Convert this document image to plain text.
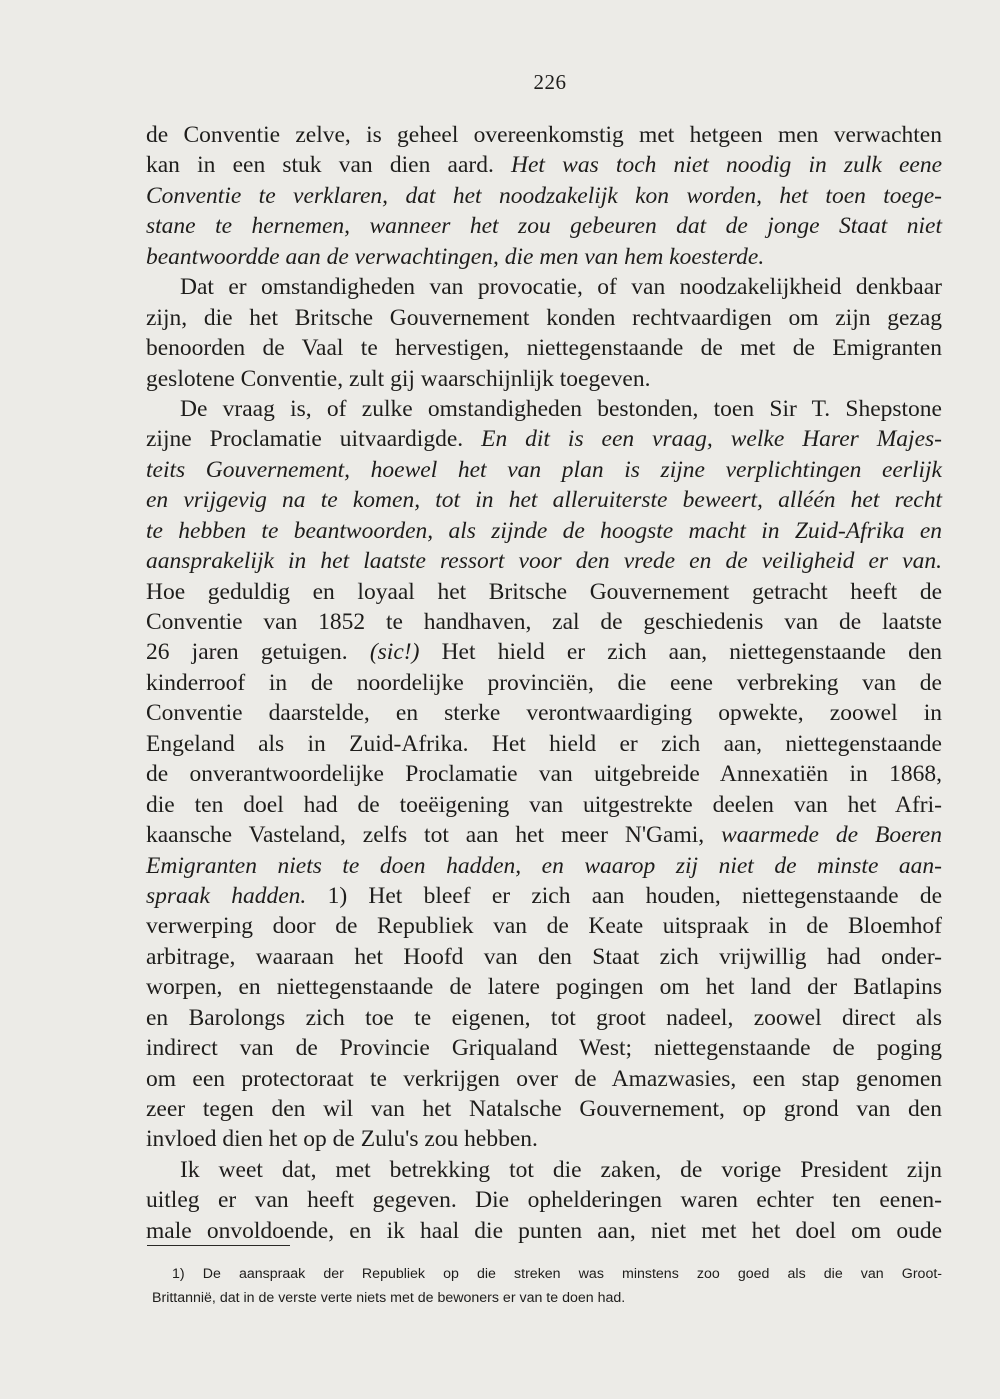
226
de Conventie zelve, is geheel overeenkomstig met hetgeen men verwachten
kan in een stuk van dien aard. Het was toch niet noodig in zulk eene
Conventie te verklaren, dat het noodzakelijk kon worden, het toen toege-
stane te hernemen, wanneer het zou gebeuren dat de jonge Staat niet
beantwoordde aan de verwachtingen, die men van hem koesterde.
Dat er omstandigheden van provocatie, of van noodzakelijkheid denkbaar
zijn, die het Britsche Gouvernement konden rechtvaardigen om zijn gezag
benoorden de Vaal te hervestigen, niettegenstaande de met de Emigranten
geslotene Conventie, zult gij waarschijnlijk toegeven.
De vraag is, of zulke omstandigheden bestonden, toen Sir T. Shepstone
zijne Proclamatie uitvaardigde. En dit is een vraag, welke Harer Majes-
teits Gouvernement, hoewel het van plan is zijne verplichtingen eerlijk
en vrijgevig na te komen, tot in het alleruiterste beweert, alléén het recht
te hebben te beantwoorden, als zijnde de hoogste macht in Zuid-Afrika en
aansprakelijk in het laatste ressort voor den vrede en de veiligheid er van.
Hoe geduldig en loyaal het Britsche Gouvernement getracht heeft de
Conventie van 1852 te handhaven, zal de geschiedenis van de laatste
26 jaren getuigen. (sic!) Het hield er zich aan, niettegenstaande den
kinderroof in de noordelijke provinciën, die eene verbreking van de
Conventie daarstelde, en sterke verontwaardiging opwekte, zoowel in
Engeland als in Zuid-Afrika. Het hield er zich aan, niettegenstaande
de onverantwoordelijke Proclamatie van uitgebreide Annexatiën in 1868,
die ten doel had de toeëigening van uitgestrekte deelen van het Afri-
kaansche Vasteland, zelfs tot aan het meer N'Gami, waarmede de Boeren
Emigranten niets te doen hadden, en waarop zij niet de minste aan-
spraak hadden. 1) Het bleef er zich aan houden, niettegenstaande de
verwerping door de Republiek van de Keate uitspraak in de Bloemhof
arbitrage, waaraan het Hoofd van den Staat zich vrijwillig had onder-
worpen, en niettegenstaande de latere pogingen om het land der Batlapins
en Barolongs zich toe te eigenen, tot groot nadeel, zoowel direct als
indirect van de Provincie Griqualand West; niettegenstaande de poging
om een protectoraat te verkrijgen over de Amazwasies, een stap genomen
zeer tegen den wil van het Natalsche Gouvernement, op grond van den
invloed dien het op de Zulu's zou hebben.
Ik weet dat, met betrekking tot die zaken, de vorige President zijn
uitleg er van heeft gegeven. Die ophelderingen waren echter ten eenen-
male onvoldoende, en ik haal die punten aan, niet met het doel om oude
1) De aanspraak der Republiek op die streken was minstens zoo goed als die van Groot-
Brittannië, dat in de verste verte niets met de bewoners er van te doen had.
